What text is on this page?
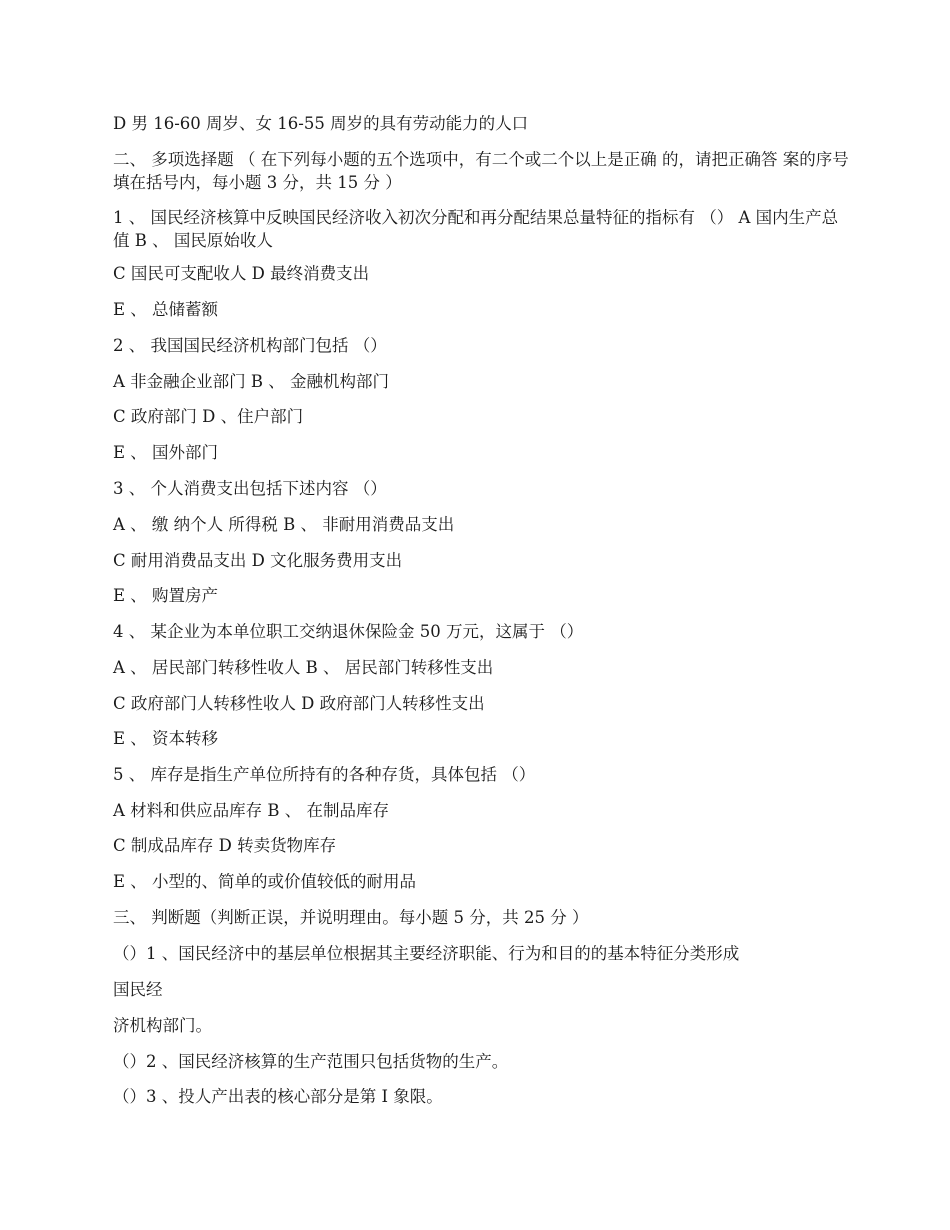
D 男 16-60 周岁、女 16-55 周岁的具有劳动能力的人口
二、 多项选择题 （ 在下列每小题的五个选项中，有二个或二个以上是正确 的，请把正确答 案的序号填在括号内，每小题 3 分，共 15 分 ）
1 、 国民经济核算中反映国民经济收入初次分配和再分配结果总量特征的指标有 （） A 国内生产总值 B 、 国民原始收人
C 国民可支配收人 D 最终消费支出
E 、 总储蓄额
2 、 我国国民经济机构部门包括 （）
A 非金融企业部门 B 、 金融机构部门
C 政府部门 D 、住户部门
E 、 国外部门
3 、 个人消费支出包括下述内容 （）
A 、 缴 纳个人 所得税 B 、 非耐用消费品支出
C 耐用消费品支出 D 文化服务费用支出
E 、 购置房产
4 、 某企业为本单位职工交纳退休保险金 50 万元，这属于 （）
A 、 居民部门转移性收人 B 、 居民部门转移性支出
C 政府部门人转移性收人 D 政府部门人转移性支出
E 、 资本转移
5 、 库存是指生产单位所持有的各种存货，具体包括 （）
A 材料和供应品库存 B 、 在制品库存
C 制成品库存 D 转卖货物库存
E 、 小型的、简单的或价值较低的耐用品
三、 判断题（判断正误，并说明理由。每小题 5 分，共 25 分 ）
（）1 、国民经济中的基层单位根据其主要经济职能、行为和目的的基本特征分类形成
国民经
济机构部门。
（）2 、国民经济核算的生产范围只包括货物的生产。
（）3 、投人产出表的核心部分是第 I 象限。
